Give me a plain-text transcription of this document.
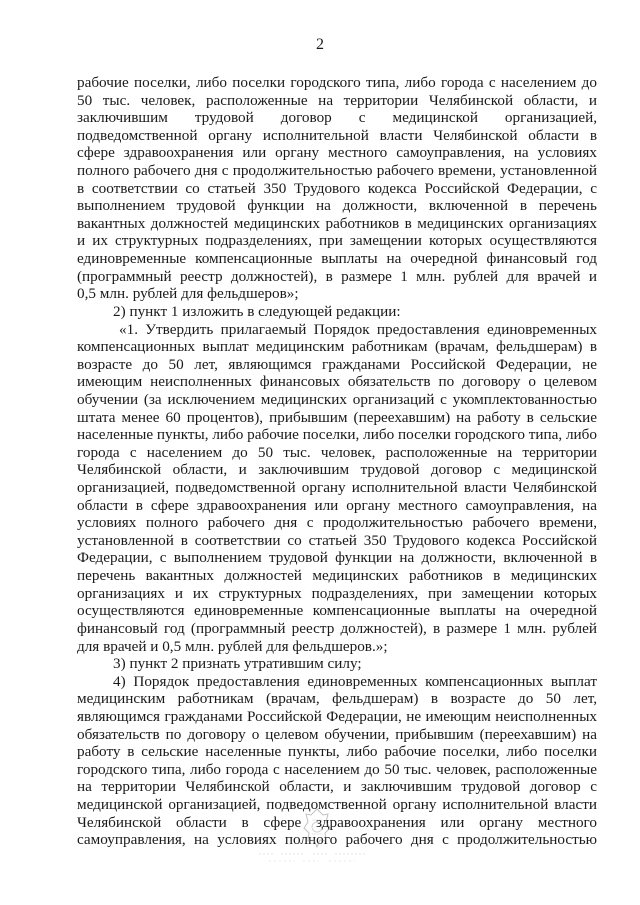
2
рабочие поселки, либо поселки городского типа, либо города с населением до
50 тыс. человек, расположенные на территории Челябинской области, и
заключившим трудовой договор с медицинской организацией,
подведомственной органу исполнительной власти Челябинской области в
сфере здравоохранения или органу местного самоуправления, на условиях
полного рабочего дня с продолжительностью рабочего времени, установленной
в соответствии со статьей 350 Трудового кодекса Российской Федерации, с
выполнением трудовой функции на должности, включенной в перечень
вакантных должностей медицинских работников в медицинских организациях
и их структурных подразделениях, при замещении которых осуществляются
единовременные компенсационные выплаты на очередной финансовый год
(программный реестр должностей), в размере 1 млн. рублей для врачей и
0,5 млн. рублей для фельдшеров»;
2) пункт 1 изложить в следующей редакции:
«1. Утвердить прилагаемый Порядок предоставления единовременных
компенсационных выплат медицинским работникам (врачам, фельдшерам) в
возрасте до 50 лет, являющимся гражданами Российской Федерации, не
имеющим неисполненных финансовых обязательств по договору о целевом
обучении (за исключением медицинских организаций с укомплектованностью
штата менее 60 процентов), прибывшим (переехавшим) на работу в сельские
населенные пункты, либо рабочие поселки, либо поселки городского типа, либо
города с населением до 50 тыс. человек, расположенные на территории
Челябинской области, и заключившим трудовой договор с медицинской
организацией, подведомственной органу исполнительной власти Челябинской
области в сфере здравоохранения или органу местного самоуправления, на
условиях полного рабочего дня с продолжительностью рабочего времени,
установленной в соответствии со статьей 350 Трудового кодекса Российской
Федерации, с выполнением трудовой функции на должности, включенной в
перечень вакантных должностей медицинских работников в медицинских
организациях и их структурных подразделениях, при замещении которых
осуществляются единовременные компенсационные выплаты на очередной
финансовый год (программный реестр должностей), в размере 1 млн. рублей
для врачей и 0,5 млн. рублей для фельдшеров.»;
3) пункт 2 признать утратившим силу;
4) Порядок предоставления единовременных компенсационных выплат
медицинским работникам (врачам, фельдшерам) в возрасте до 50 лет,
являющимся гражданами Российской Федерации, не имеющим неисполненных
обязательств по договору о целевом обучении, прибывшим (переехавшим) на
работу в сельские населенные пункты, либо рабочие поселки, либо поселки
городского типа, либо города с населением до 50 тыс. человек, расположенные
на территории Челябинской области, и заключившим трудовой договор с
медицинской организацией, подведомственной органу исполнительной власти
Челябинской области в сфере здравоохранения или органу местного
самоуправления, на условиях полного рабочего дня с продолжительностью
